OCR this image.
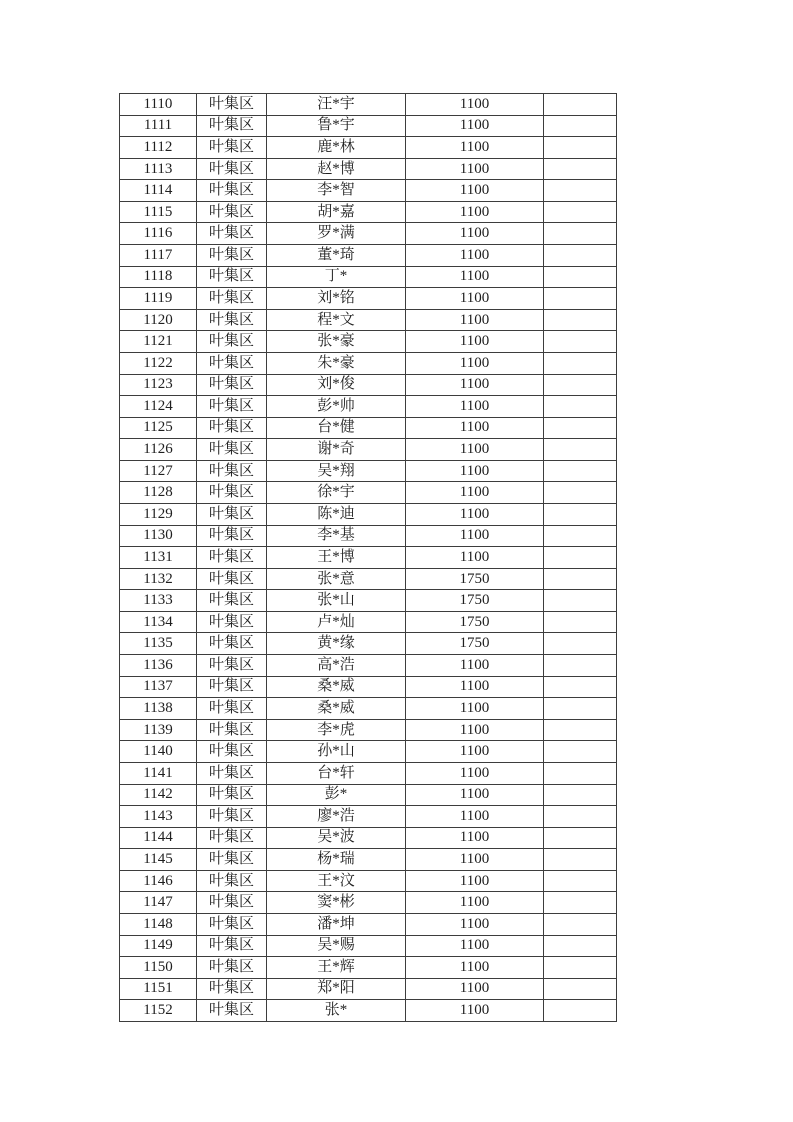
1110	叶集区	汪*宇	1100	
1111	叶集区	鲁*宇	1100	
1112	叶集区	鹿*林	1100	
1113	叶集区	赵*博	1100	
1114	叶集区	李*智	1100	
1115	叶集区	胡*嘉	1100	
1116	叶集区	罗*满	1100	
1117	叶集区	董*琦	1100	
1118	叶集区	丁*	1100	
1119	叶集区	刘*铭	1100	
1120	叶集区	程*文	1100	
1121	叶集区	张*豪	1100	
1122	叶集区	朱*豪	1100	
1123	叶集区	刘*俊	1100	
1124	叶集区	彭*帅	1100	
1125	叶集区	台*健	1100	
1126	叶集区	谢*奇	1100	
1127	叶集区	吴*翔	1100	
1128	叶集区	徐*宇	1100	
1129	叶集区	陈*迪	1100	
1130	叶集区	李*基	1100	
1131	叶集区	王*博	1100	
1132	叶集区	张*意	1750	
1133	叶集区	张*山	1750	
1134	叶集区	卢*灿	1750	
1135	叶集区	黄*缘	1750	
1136	叶集区	高*浩	1100	
1137	叶集区	桑*威	1100	
1138	叶集区	桑*威	1100	
1139	叶集区	李*虎	1100	
1140	叶集区	孙*山	1100	
1141	叶集区	台*轩	1100	
1142	叶集区	彭*	1100	
1143	叶集区	廖*浩	1100	
1144	叶集区	吴*波	1100	
1145	叶集区	杨*瑞	1100	
1146	叶集区	王*汶	1100	
1147	叶集区	窦*彬	1100	
1148	叶集区	潘*坤	1100	
1149	叶集区	吴*赐	1100	
1150	叶集区	王*辉	1100	
1151	叶集区	郑*阳	1100	
1152	叶集区	张*	1100	
